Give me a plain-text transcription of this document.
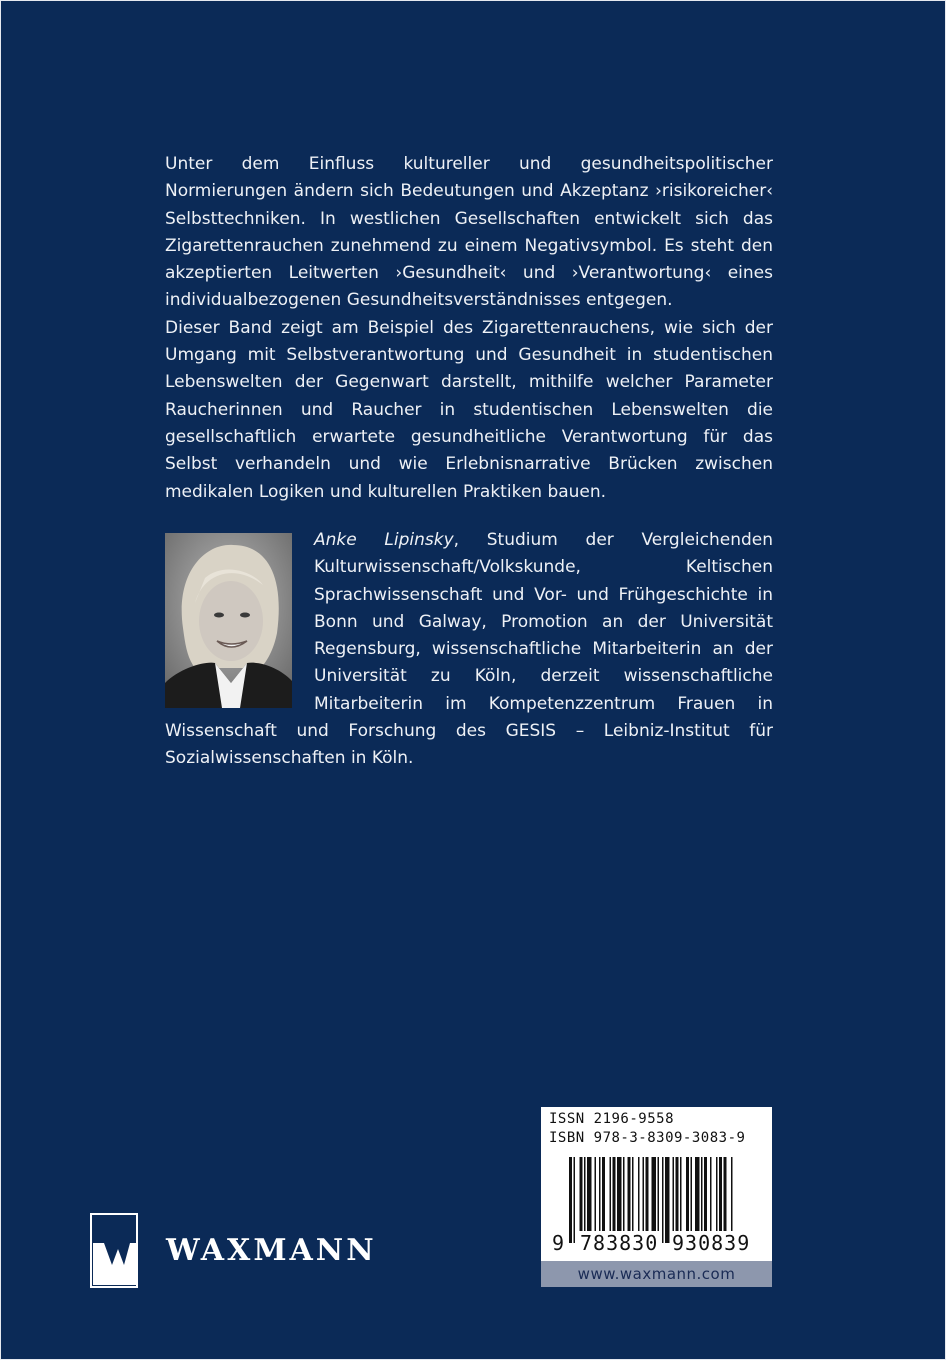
Unter dem Einfluss kultureller und gesundheitspolitischer Normierungen ändern sich Bedeutungen und Akzeptanz ›risikoreicher‹ Selbsttechniken. In westlichen Gesellschaften entwickelt sich das Zigarettenrauchen zunehmend zu einem Negativsymbol. Es steht den akzeptierten Leitwerten ›Gesundheit‹ und ›Verantwortung‹ eines individualbezogenen Gesundheitsverständnisses entgegen.

Dieser Band zeigt am Beispiel des Zigarettenrauchens, wie sich der Umgang mit Selbstverantwortung und Gesundheit in studentischen Lebenswelten der Gegenwart darstellt, mithilfe welcher Parameter Raucherinnen und Raucher in studentischen Lebenswelten die gesellschaftlich erwartete gesundheitliche Verantwortung für das Selbst verhandeln und wie Erlebnisnarrative Brücken zwischen medikalen Logiken und kulturellen Praktiken bauen.

Anke Lipinsky, Studium der Vergleichenden Kulturwissenschaft/Volkskunde, Keltischen Sprachwissenschaft und Vor- und Frühgeschichte in Bonn und Galway, Promotion an der Universität Regensburg, wissenschaftliche Mitarbeiterin an der Universität zu Köln, derzeit wissenschaftliche Mitarbeiterin im Kompetenzzentrum Frauen in Wissenschaft und Forschung des GESIS – Leibniz-Institut für Sozialwissenschaften in Köln.
ISSN 2196-9558
ISBN 978-3-8309-3083-9
9 783830 930839
www.waxmann.com
WAXMANN
